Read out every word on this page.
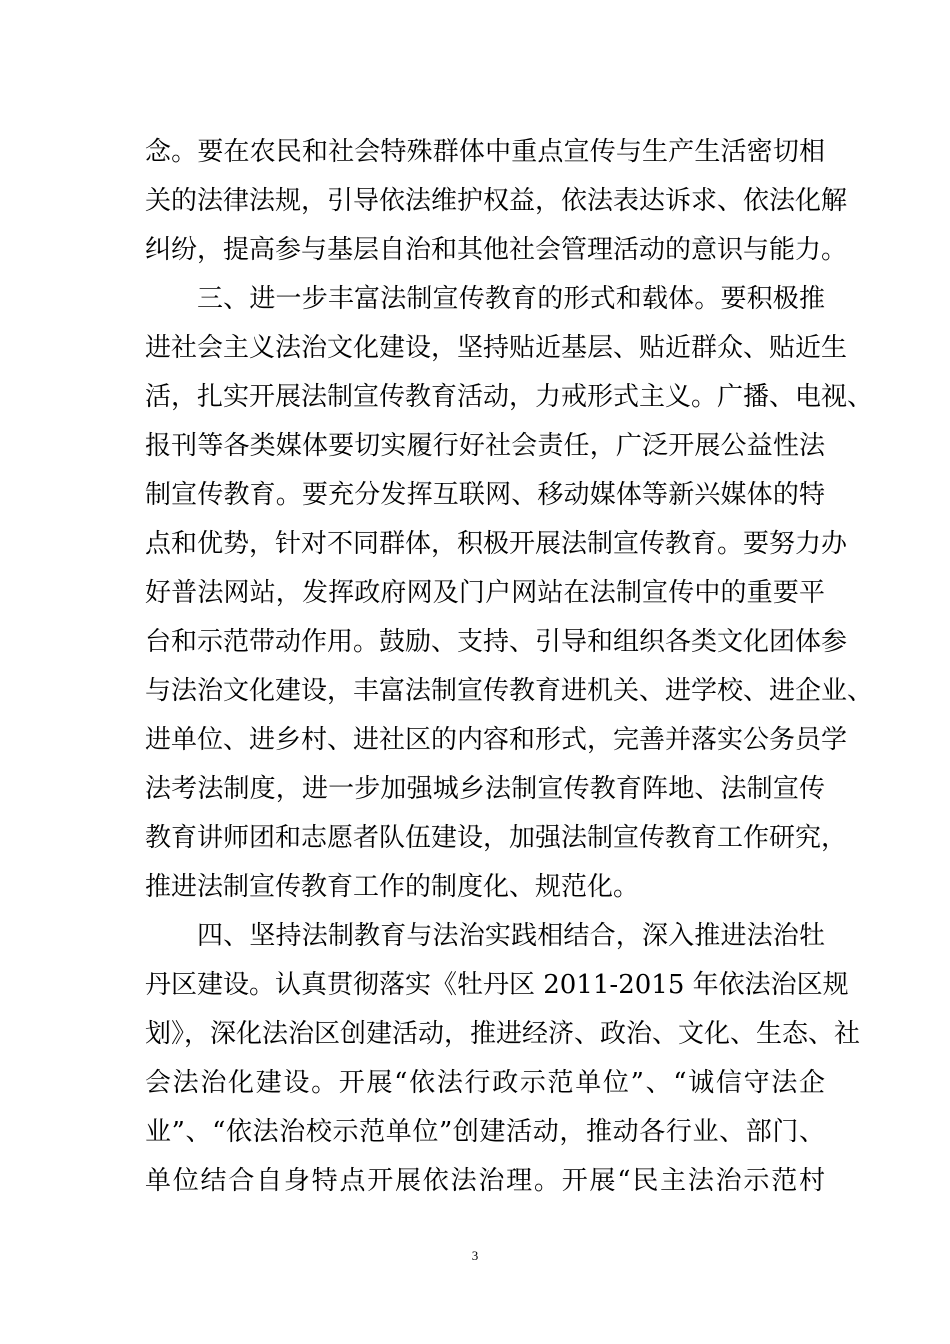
念。要在农民和社会特殊群体中重点宣传与生产生活密切相
关的法律法规，引导依法维护权益，依法表达诉求、依法化解
纠纷，提高参与基层自治和其他社会管理活动的意识与能力。
三、进一步丰富法制宣传教育的形式和载体。要积极推
进社会主义法治文化建设，坚持贴近基层、贴近群众、贴近生
活，扎实开展法制宣传教育活动，力戒形式主义。广播、电视、
报刊等各类媒体要切实履行好社会责任，广泛开展公益性法
制宣传教育。要充分发挥互联网、移动媒体等新兴媒体的特
点和优势，针对不同群体，积极开展法制宣传教育。要努力办
好普法网站，发挥政府网及门户网站在法制宣传中的重要平
台和示范带动作用。鼓励、支持、引导和组织各类文化团体参
与法治文化建设，丰富法制宣传教育进机关、进学校、进企业、
进单位、进乡村、进社区的内容和形式，完善并落实公务员学
法考法制度，进一步加强城乡法制宣传教育阵地、法制宣传
教育讲师团和志愿者队伍建设，加强法制宣传教育工作研究，
推进法制宣传教育工作的制度化、规范化。
四、坚持法制教育与法治实践相结合，深入推进法治牡
丹区建设。认真贯彻落实《牡丹区 2011-2015 年依法治区规
划》，深化法治区创建活动，推进经济、政治、文化、生态、社
会法治化建设。开展“依法行政示范单位”、“诚信守法企
业”、“依法治校示范单位”创建活动，推动各行业、部门、
单位结合自身特点开展依法治理。开展“民主法治示范村
3
